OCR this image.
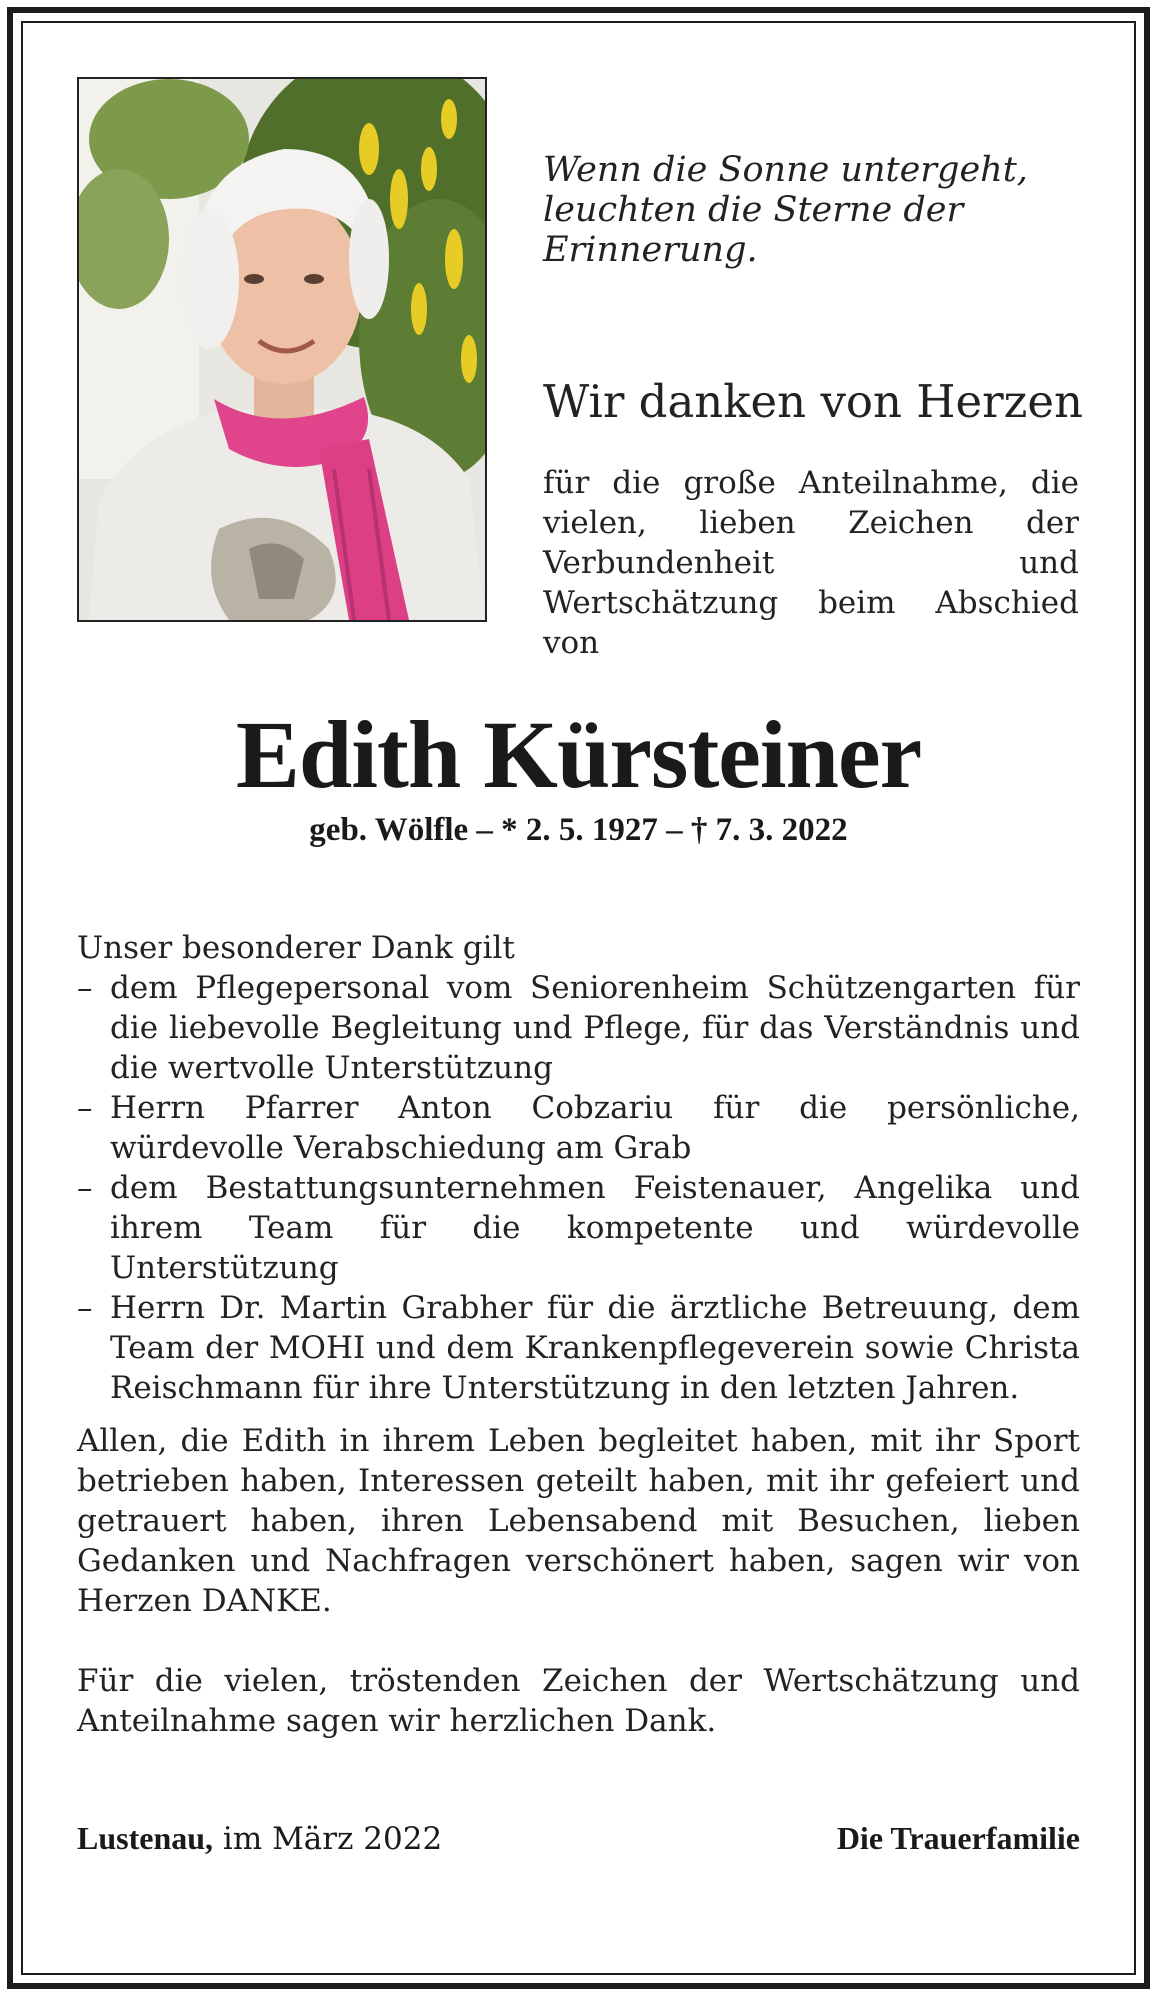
Wenn die Sonne untergeht,
leuchten die Sterne der Erinnerung.
Wir danken von Herzen
für die große Anteilnahme, die vielen, lieben Zeichen der Verbundenheit und Wertschätzung beim Abschied von
Edith Kürsteiner
geb. Wölfle – * 2. 5. 1927 – † 7. 3. 2022
Unser besonderer Dank gilt
– dem Pflegepersonal vom Seniorenheim Schützengarten für die liebevolle Begleitung und Pflege, für das Verständnis und die wertvolle Unterstützung
– Herrn Pfarrer Anton Cobzariu für die persönliche, würdevolle Verabschiedung am Grab
– dem Bestattungsunternehmen Feistenauer, Angelika und ihrem Team für die kompetente und würdevolle Unterstützung
– Herrn Dr. Martin Grabher für die ärztliche Betreuung, dem Team der MOHI und dem Krankenpflegeverein sowie Christa Reischmann für ihre Unterstützung in den letzten Jahren.
Allen, die Edith in ihrem Leben begleitet haben, mit ihr Sport betrieben haben, Interessen geteilt haben, mit ihr gefeiert und getrauert haben, ihren Lebensabend mit Besuchen, lieben Gedanken und Nachfragen verschönert haben, sagen wir von Herzen DANKE.
Für die vielen, tröstenden Zeichen der Wertschätzung und Anteilnahme sagen wir herzlichen Dank.
Lustenau, im März 2022	Die Trauerfamilie
